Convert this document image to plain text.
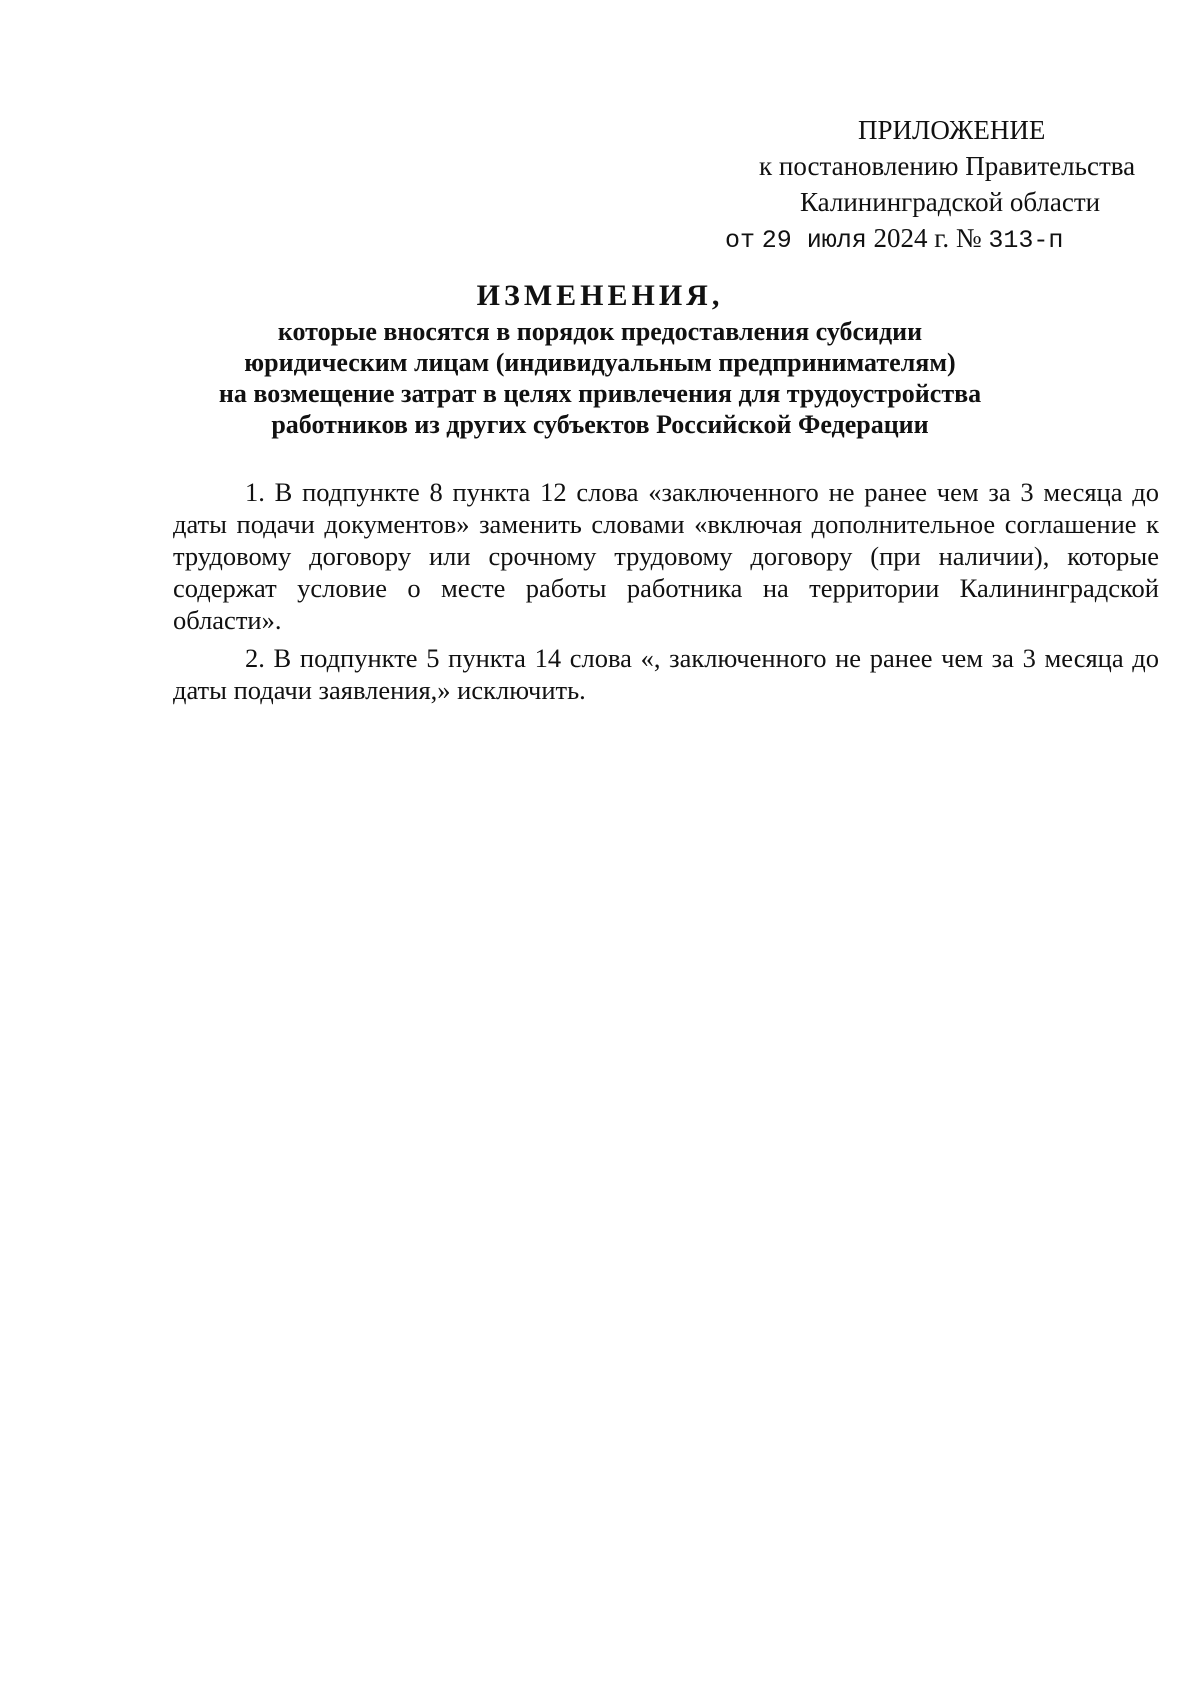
ПРИЛОЖЕНИЕ
к постановлению Правительства
Калининградской области
от 29 июля 2024 г. № 313-п
ИЗМЕНЕНИЯ,
которые вносятся в порядок предоставления субсидии
юридическим лицам (индивидуальным предпринимателям)
на возмещение затрат в целях привлечения для трудоустройства
работников из других субъектов Российской Федерации

1. В подпункте 8 пункта 12 слова «заключенного не ранее чем за 3 месяца до даты подачи документов» заменить словами «включая дополнительное соглашение к трудовому договору или срочному трудовому договору (при наличии), которые содержат условие о месте работы работника на территории Калининградской области».

2. В подпункте 5 пункта 14 слова «, заключенного не ранее чем за 3 месяца до даты подачи заявления,» исключить.
